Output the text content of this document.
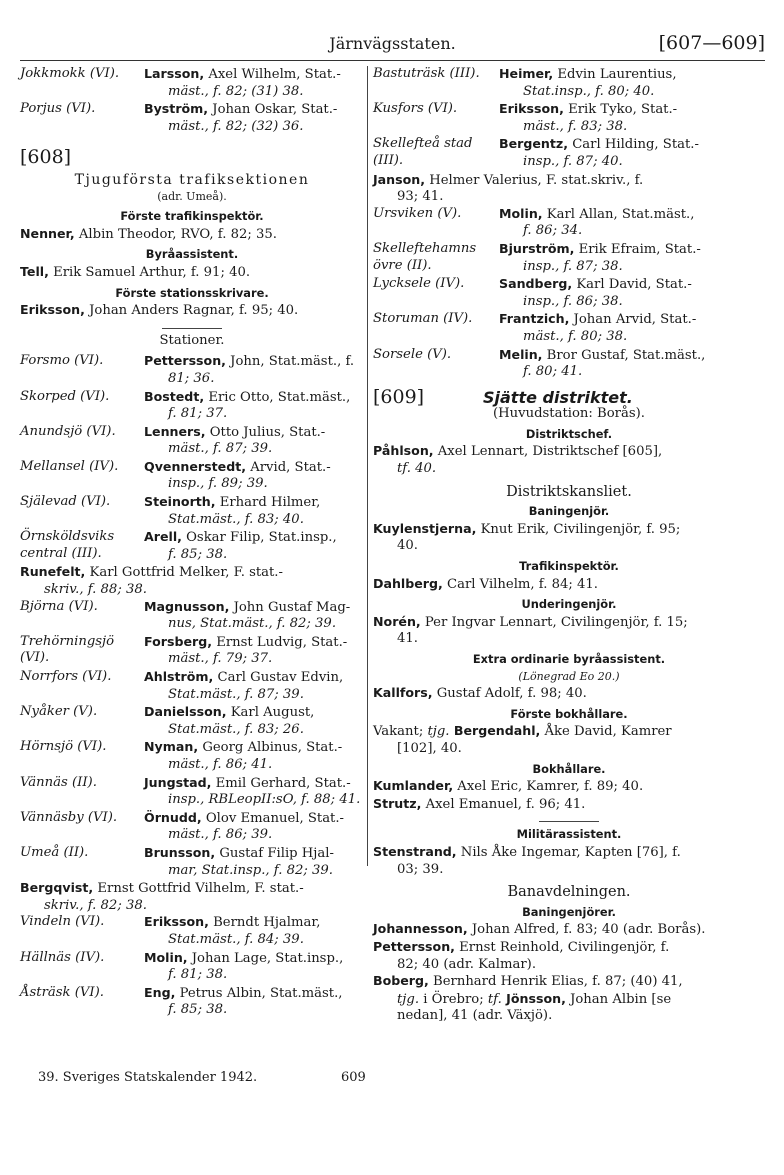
Järnvägsstaten.	[607—609]
Jokkmokk (VI).	Larsson, Axel Wilhelm, Stat.-
mäst., f. 82; (31) 38.
Porjus (VI).	Byström, Johan Oskar, Stat.-
mäst., f. 82; (32) 36.
[608]
Tjuguförsta trafiksektionen
(adr. Umeå).
Förste trafikinspektör.
Nenner, Albin Theodor, RVO, f. 82; 35.
Byråassistent.
Tell, Erik Samuel Arthur, f. 91; 40.
Förste stationsskrivare.
Eriksson, Johan Anders Ragnar, f. 95; 40.
Stationer.
Forsmo (VI).	Pettersson, John, Stat.mäst., f.
81; 36.
Skorped (VI).	Bostedt, Eric Otto, Stat.mäst.,
f. 81; 37.
Anundsjö (VI).	Lenners, Otto Julius, Stat.-
mäst., f. 87; 39.
Mellansel (IV).	Qvennerstedt, Arvid, Stat.-
insp., f. 89; 39.
Själevad (VI).	Steinorth, Erhard Hilmer,
Stat.mäst., f. 83; 40.
Örnsköldsviks central (III).
Arell, Oskar Filip, Stat.insp.,
f. 85; 38.
Runefelt, Karl Gottfrid Melker, F. stat.-
skriv., f. 88; 38.
Björna (VI).	Magnusson, John Gustaf Mag-
nus, Stat.mäst., f. 82; 39.
Trehörningsjö (VI).
Forsberg, Ernst Ludvig, Stat.-
mäst., f. 79; 37.
Norrfors (VI).	Ahlström, Carl Gustav Edvin,
Stat.mäst., f. 87; 39.
Nyåker (V).	Danielsson, Karl August,
Stat.mäst., f. 83; 26.
Hörnsjö (VI).	Nyman, Georg Albinus, Stat.-
mäst., f. 86; 41.
Vännäs (II).	Jungstad, Emil Gerhard, Stat.-
insp., RBLeopII:sO, f. 88; 41.
Vännäsby (VI).	Örnudd, Olov Emanuel, Stat.-
mäst., f. 86; 39.
Umeå (II).	Brunsson, Gustaf Filip Hjal-
mar, Stat.insp., f. 82; 39.
Bergqvist, Ernst Gottfrid Vilhelm, F. stat.-
skriv., f. 82; 38.
Vindeln (VI).	Eriksson, Berndt Hjalmar,
Stat.mäst., f. 84; 39.
Hällnäs (IV).	Molin, Johan Lage, Stat.insp.,
f. 81; 38.
Åsträsk (VI).	Eng, Petrus Albin, Stat.mäst.,
f. 85; 38.
Bastuträsk (III).	Heimer, Edvin Laurentius,
Stat.insp., f. 80; 40.
Kusfors (VI).	Eriksson, Erik Tyko, Stat.-
mäst., f. 83; 38.
Skellefteå stad (III).
Bergentz, Carl Hilding, Stat.-
insp., f. 87; 40.
Janson, Helmer Valerius, F. stat.skriv., f.
93; 41.
Ursviken (V).	Molin, Karl Allan, Stat.mäst.,
f. 86; 34.
Skelleftehamns övre (II).
Bjurström, Erik Efraim, Stat.-
insp., f. 87; 38.
Lycksele (IV).	Sandberg, Karl David, Stat.-
insp., f. 86; 38.
Storuman (IV).	Frantzich, Johan Arvid, Stat.-
mäst., f. 80; 38.
Sorsele (V).	Melin, Bror Gustaf, Stat.mäst.,
f. 80; 41.
[609]	Sjätte distriktet.
(Huvudstation: Borås).
Distriktschef.
Påhlson, Axel Lennart, Distriktschef [605],
tf. 40.
Distriktskansliet.
Baningenjör.
Kuylenstjerna, Knut Erik, Civilingenjör, f. 95;
40.
Trafikinspektör.
Dahlberg, Carl Vilhelm, f. 84; 41.
Underingenjör.
Norén, Per Ingvar Lennart, Civilingenjör, f. 15;
41.
Extra ordinarie byråassistent.
(Lönegrad Eo 20.)
Kallfors, Gustaf Adolf, f. 98; 40.
Förste bokhållare.
Vakant; tjg. Bergendahl, Åke David, Kamrer
[102], 40.
Bokhållare.
Kumlander, Axel Eric, Kamrer, f. 89; 40.
Strutz, Axel Emanuel, f. 96; 41.
Militärassistent.
Stenstrand, Nils Åke Ingemar, Kapten [76], f.
03; 39.
Banavdelningen.
Baningenjörer.
Johannesson, Johan Alfred, f. 83; 40 (adr. Borås).
Pettersson, Ernst Reinhold, Civilingenjör, f.
82; 40 (adr. Kalmar).
Boberg, Bernhard Henrik Elias, f. 87; (40) 41,
tjg. i Örebro; tf. Jönsson, Johan Albin [se
nedan], 41 (adr. Växjö).
39. Sveriges Statskalender 1942.	609
